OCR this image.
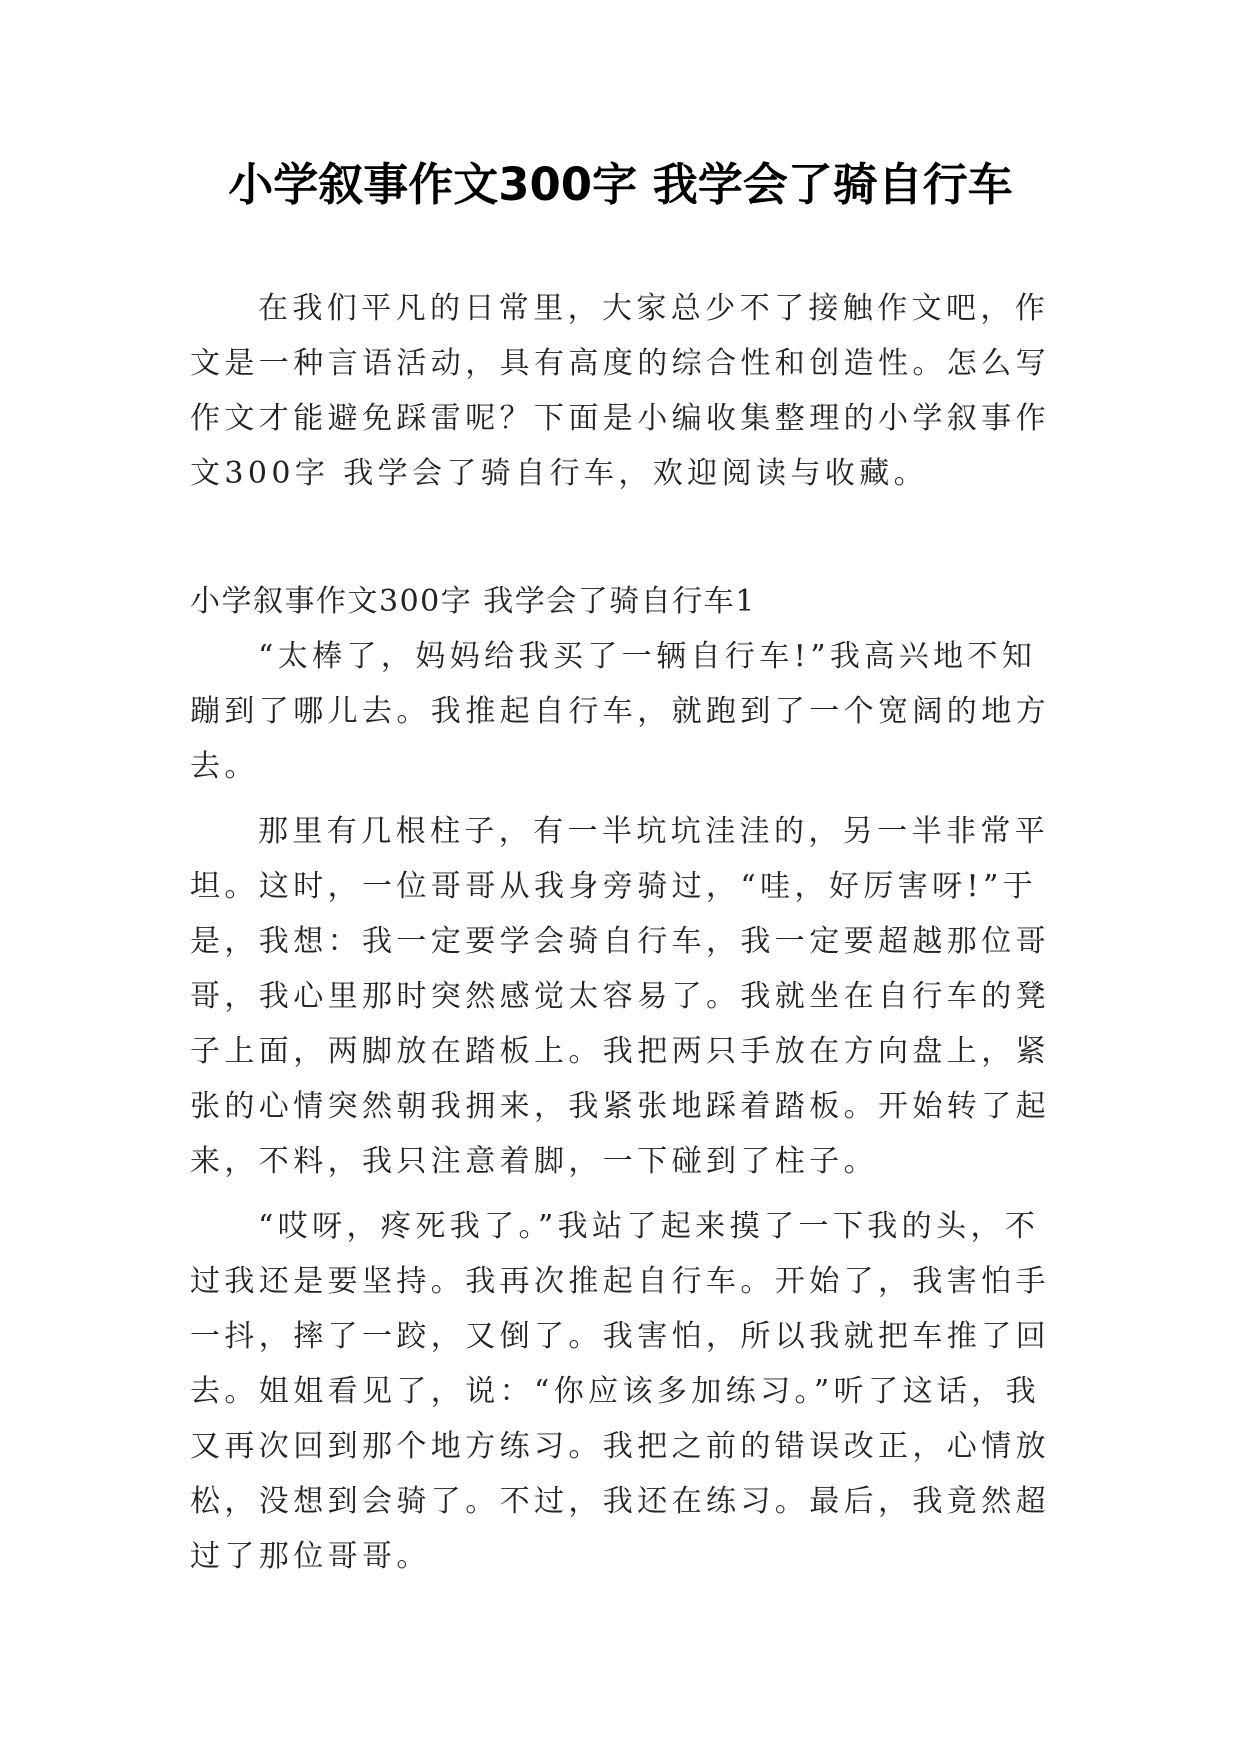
小学叙事作文300字 我学会了骑自行车

在我们平凡的日常里，大家总少不了接触作文吧，作文是一种言语活动，具有高度的综合性和创造性。怎么写作文才能避免踩雷呢？下面是小编收集整理的小学叙事作文300字 我学会了骑自行车，欢迎阅读与收藏。

小学叙事作文300字 我学会了骑自行车1

“太棒了，妈妈给我买了一辆自行车!”我高兴地不知蹦到了哪儿去。我推起自行车，就跑到了一个宽阔的地方去。

那里有几根柱子，有一半坑坑洼洼的，另一半非常平坦。这时，一位哥哥从我身旁骑过，“哇，好厉害呀!”于是，我想：我一定要学会骑自行车，我一定要超越那位哥哥，我心里那时突然感觉太容易了。我就坐在自行车的凳子上面，两脚放在踏板上。我把两只手放在方向盘上，紧张的心情突然朝我拥来，我紧张地踩着踏板。开始转了起来，不料，我只注意着脚，一下碰到了柱子。

“哎呀，疼死我了。”我站了起来摸了一下我的头，不过我还是要坚持。我再次推起自行车。开始了，我害怕手一抖，摔了一跤，又倒了。我害怕，所以我就把车推了回去。姐姐看见了，说：“你应该多加练习。”听了这话，我又再次回到那个地方练习。我把之前的错误改正，心情放松，没想到会骑了。不过，我还在练习。最后，我竟然超过了那位哥哥。
